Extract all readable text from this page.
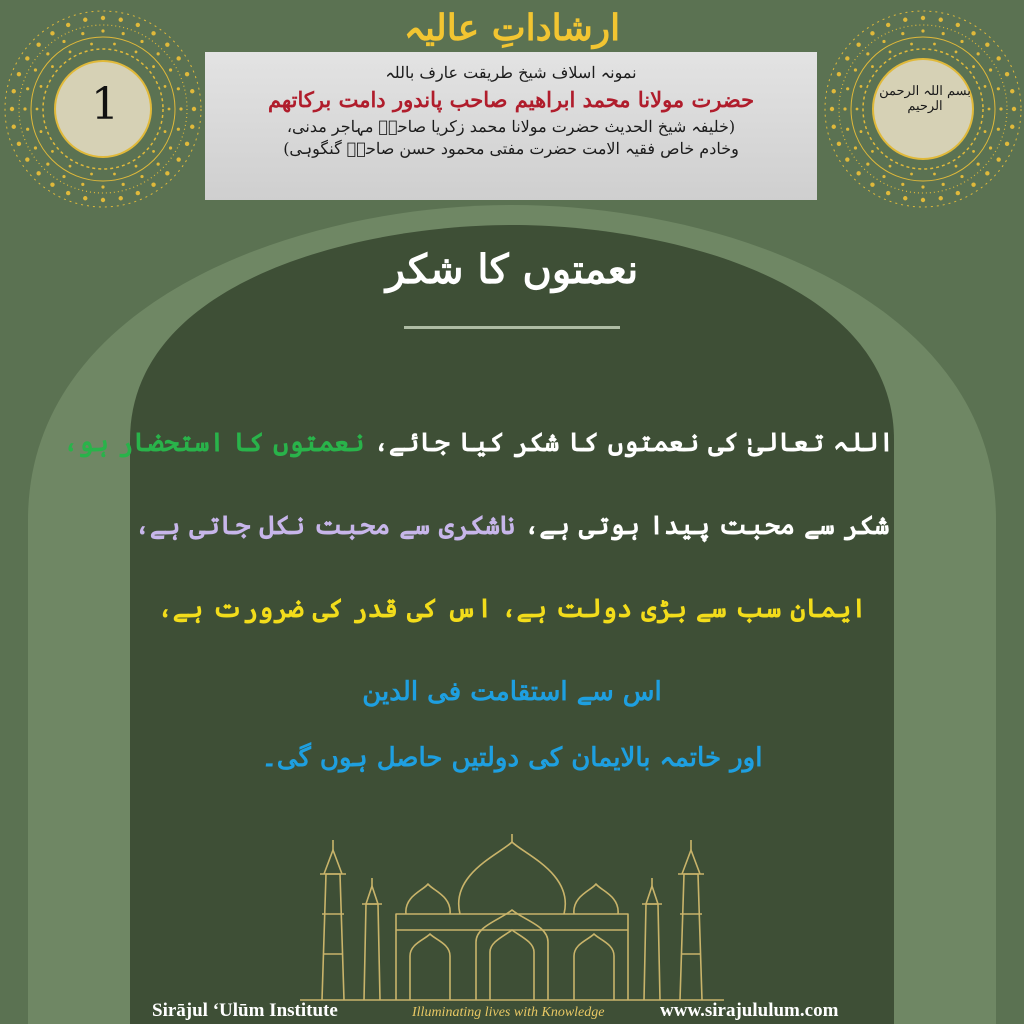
ارشاداتِ عالیہ
نمونہ اسلاف شیخ طریقت عارف باللہ
حضرت مولانا محمد ابراھیم صاحب پاندور دامت برکاتھم
(خلیفہ شیخ الحدیث حضرت مولانا محمد زکریا صاحبؒ مہاجر مدنی،
وخادم خاص فقیہ الامت حضرت مفتی محمود حسن صاحبؒ گنگوہی)
1	بسم اللہ الرحمن الرحیم
نعمتوں کا شکر
اللہ تعالیٰ کی نعمتوں کا شکر کیا جائے، نعمتوں کا استحضار ہو،
شکر سے محبت پیدا ہوتی ہے، ناشکری سے محبت نکل جاتی ہے،
ایمان سب سے بڑی دولت ہے، اس کی قدر کی ضرورت ہے،
اس سے استقامت فی الدین
اور خاتمہ بالایمان کی دولتیں حاصل ہوں گی۔
Sirājul ‘Ulūm Institute	Illuminating lives with Knowledge	www.sirajululum.com
